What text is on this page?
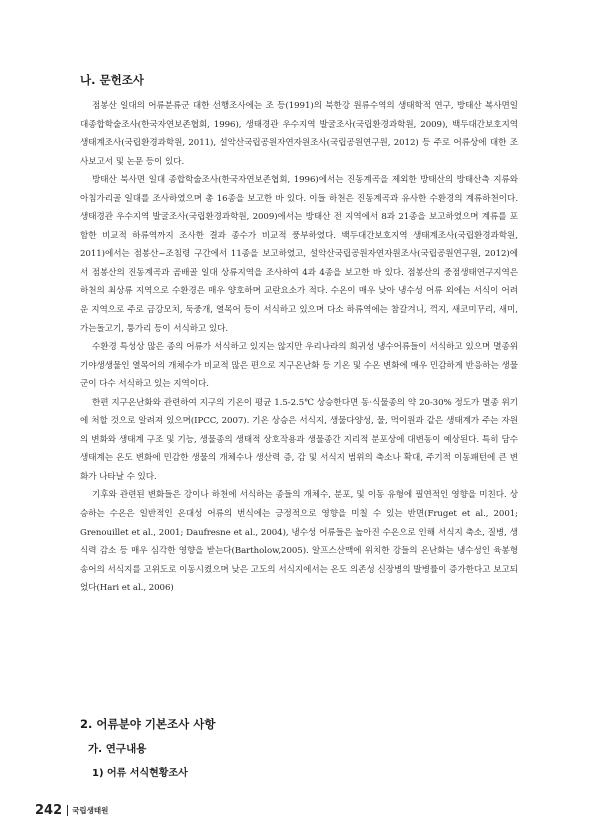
나. 문헌조사

점봉산 일대의 어류분류군 대한 선행조사에는 조 등(1991)의 북한강 원류수역의 생태학적 연구, 방태산 복사면일대종합학술조사(한국자연보존협회, 1996), 생태경관 우수지역 발굴조사(국립환경과학원, 2009), 백두대간보호지역 생태계조사(국립환경과학원, 2011), 설악산국립공원자연자원조사(국립공원연구원, 2012) 등 주로 어류상에 대한 조사보고서 및 논문 등이 있다.

방태산 북사면 일대 종합학술조사(한국자연보존협회, 1996)에서는 진동계곡을 제외한 방태산의 방태산측 지류와 아침가리골 일대를 조사하였으며 총 16종을 보고한 바 있다. 이들 하천은 진동계곡과 유사한 수환경의 계류하천이다. 생태경관 우수지역 발굴조사(국립환경과학원, 2009)에서는 방태산 전 지역에서 8과 21종을 보고하였으며 계류를 포함한 비교적 하류역까지 조사한 결과 종수가 비교적 풍부하였다. 백두대간보호지역 생태계조사(국립환경과학원, 2011)에서는 점봉산~조침령 구간에서 11종을 보고하였고, 설악산국립공원자연자원조사(국립공원연구원, 2012)에서 점봉산의 진동계곡과 곰배골 일대 상류지역을 조사하여 4과 4종을 보고한 바 있다. 점봉산의 중점생태연구지역은 하천의 최상류 지역으로 수환경은 매우 양호하며 교란요소가 적다. 수온이 매우 낮아 냉수성 어류 외에는 서식이 어려운 지역으로 주로 금강모치, 둑중개, 열목어 등이 서식하고 있으며 다소 하류역에는 참갈겨니, 꺽지, 새코미꾸리, 새미, 가는돌고기, 퉁가리 등이 서식하고 있다.

수환경 특성상 많은 종의 어류가 서식하고 있지는 않지만 우리나라의 희귀성 냉수어류들이 서식하고 있으며 멸종위기야생생물인 열목어의 개체수가 비교적 많은 편으로 지구온난화 등 기온 및 수온 변화에 매우 민감하게 반응하는 생물군이 다수 서식하고 있는 지역이다.

한편 지구온난화와 관련하여 지구의 기온이 평균 1.5-2.5℃ 상승한다면 동·식물종의 약 20-30% 정도가 멸종 위기에 처할 것으로 알려져 있으며(IPCC, 2007). 기온 상승은 서식지, 생물다양성, 물, 먹이원과 같은 생태계가 주는 자원의 변화와 생태계 구조 및 기능, 생물종의 생태적 상호작용과 생물종간 지리적 분포상에 대변동이 예상된다. 특히 담수생태계는 온도 변화에 민감한 생물의 개체수나 생산력 증, 감 및 서식지 범위의 축소나 확대, 주기적 이동패턴에 큰 변화가 나타날 수 있다.

기후와 관련된 변화들은 강이나 하천에 서식하는 종들의 개체수, 분포, 및 이동 유형에 필연적인 영향을 미친다. 상승하는 수온은 일반적인 온대성 어류의 번식에는 긍정적으로 영향을 미칠 수 있는 반면(Fruget et al., 2001; Grenouillet et al., 2001; Daufresne et al., 2004), 냉수성 어류들은 높아진 수온으로 인해 서식지 축소, 질병, 생식력 감소 등 매우 심각한 영향을 받는다(Bartholow,2005). 알프스산맥에 위치한 강들의 온난화는 냉수성인 육봉형 송어의 서식지를 고위도로 이동시켰으며 낮은 고도의 서식지에서는 온도 의존성 신장병의 발병률이 증가한다고 보고되었다(Hari et al., 2006)

2. 어류분야 기본조사 사항
가. 연구내용
1) 어류 서식현황조사
242 국립생태원
